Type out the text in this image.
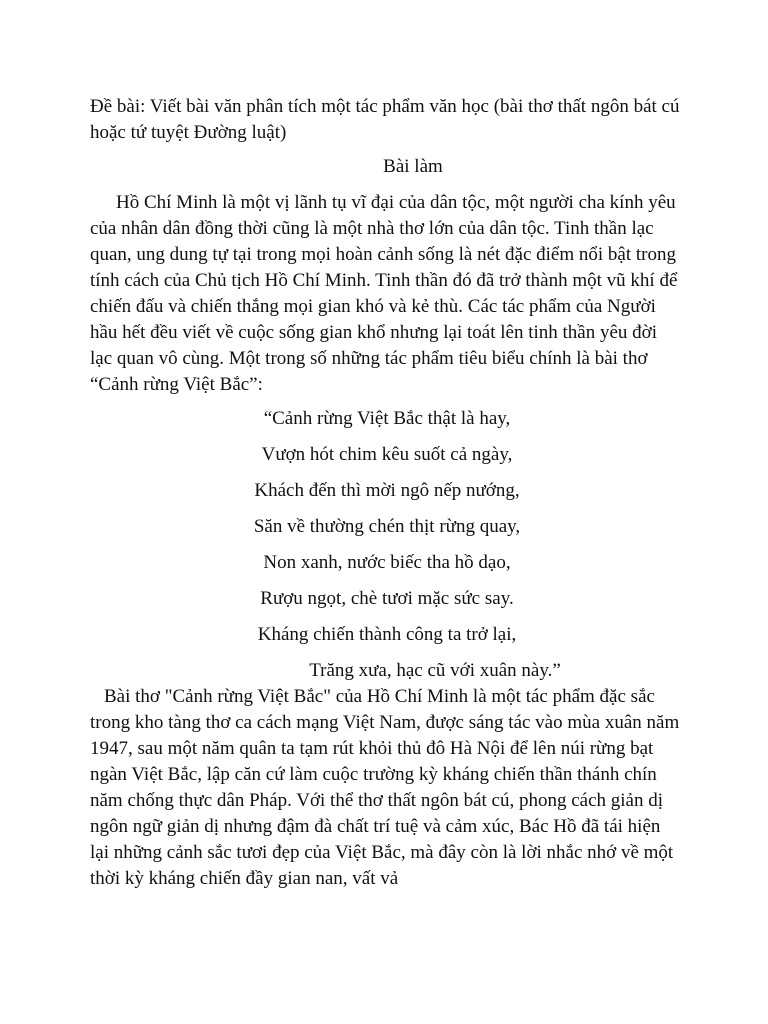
Đề bài: Viết bài văn phân tích một tác phẩm văn học (bài thơ thất ngôn bát cú hoặc tứ tuyệt Đường luật)

Bài làm

Hồ Chí Minh là một vị lãnh tụ vĩ đại của dân tộc, một người cha kính yêu của nhân dân đồng thời cũng là một nhà thơ lớn của dân tộc. Tinh thần lạc quan, ung dung tự tại trong mọi hoàn cảnh sống là nét đặc điểm nổi bật trong tính cách của Chủ tịch Hồ Chí Minh. Tinh thần đó đã trở thành một vũ khí để chiến đấu và chiến thắng mọi gian khó và kẻ thù. Các tác phẩm của Người hầu hết đều viết về cuộc sống gian khổ nhưng lại toát lên tinh thần yêu đời lạc quan vô cùng. Một trong số những tác phẩm tiêu biểu chính là bài thơ “Cảnh rừng Việt Bắc”:

“Cảnh rừng Việt Bắc thật là hay,
Vượn hót chim kêu suốt cả ngày,
Khách đến thì mời ngô nếp nướng,
Săn về thường chén thịt rừng quay,
Non xanh, nước biếc tha hồ dạo,
Rượu ngọt, chè tươi mặc sức say.
Kháng chiến thành công ta trở lại,
Trăng xưa, hạc cũ với xuân này.”

Bài thơ "Cảnh rừng Việt Bắc" của Hồ Chí Minh là một tác phẩm đặc sắc trong kho tàng thơ ca cách mạng Việt Nam, được sáng tác vào mùa xuân năm 1947, sau một năm quân ta tạm rút khỏi thủ đô Hà Nội để lên núi rừng bạt ngàn Việt Bắc, lập căn cứ làm cuộc trường kỳ kháng chiến thần thánh chín năm chống thực dân Pháp. Với thể thơ thất ngôn bát cú, phong cách giản dị ngôn ngữ giản dị nhưng đậm đà chất trí tuệ và cảm xúc, Bác Hồ đã tái hiện lại những cảnh sắc tươi đẹp của Việt Bắc, mà đây còn là lời nhắc nhớ về một thời kỳ kháng chiến đầy gian nan, vất vả
